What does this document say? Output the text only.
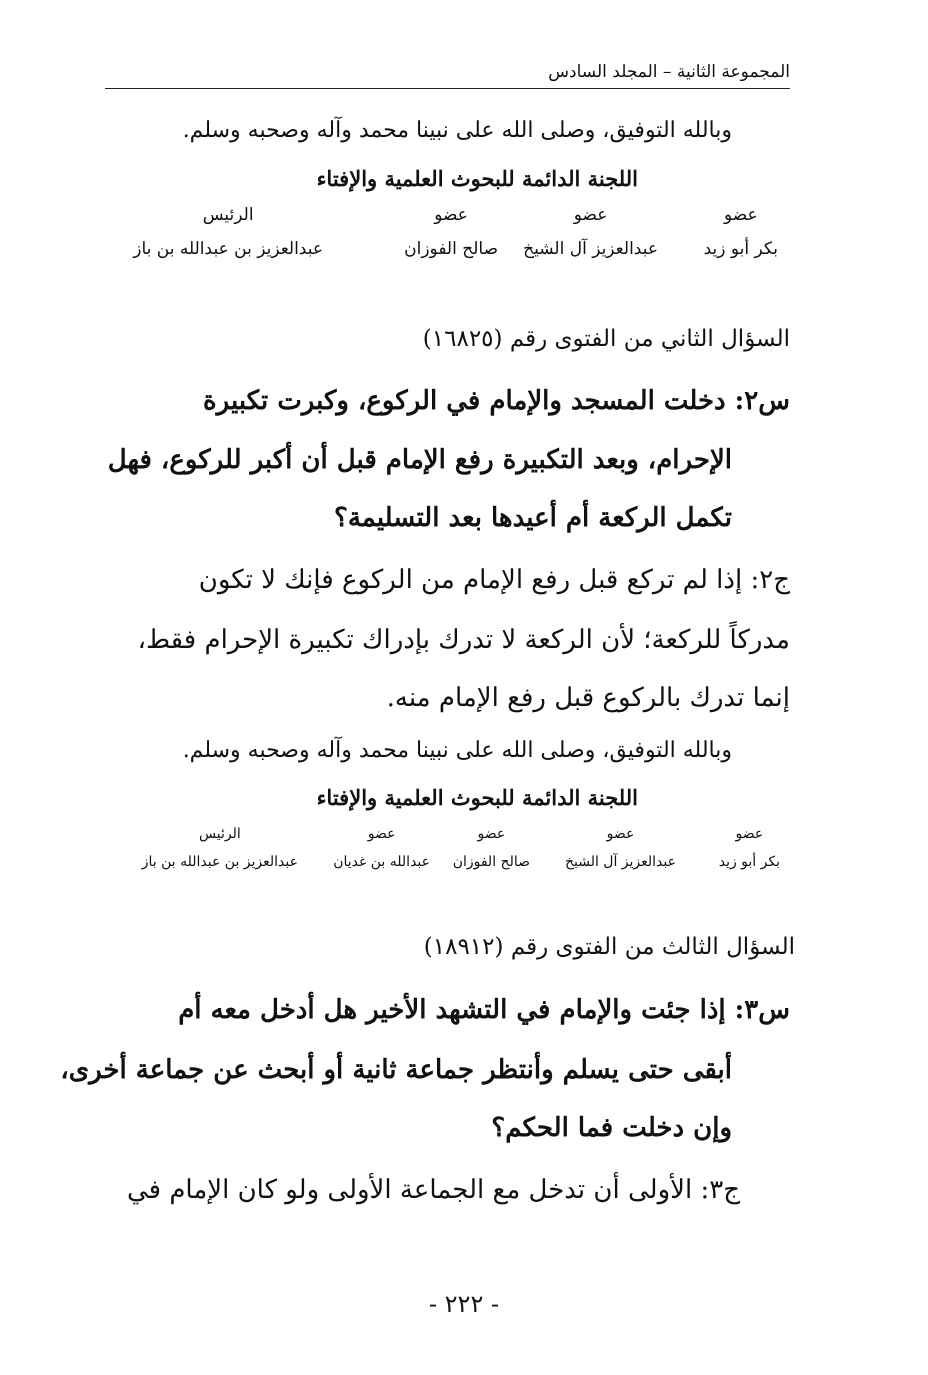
المجموعة الثانية – المجلد السادس
وبالله التوفيق، وصلى الله على نبينا محمد وآله وصحبه وسلم.
اللجنة الدائمة للبحوث العلمية والإفتاء
عضو
بكر أبو زيد
عضو
عبدالعزيز آل الشيخ
عضو
صالح الفوزان
الرئيس
عبدالعزيز بن عبدالله بن باز
السؤال الثاني من الفتوى رقم (١٦٨٢٥)
س٢: دخلت المسجد والإمام في الركوع، وكبرت تكبيرة
الإحرام، وبعد التكبيرة رفع الإمام قبل أن أكبر للركوع، فهل
تكمل الركعة أم أعيدها بعد التسليمة؟
ج٢: إذا لم تركع قبل رفع الإمام من الركوع فإنك لا تكون
مدركاً للركعة؛ لأن الركعة لا تدرك بإدراك تكبيرة الإحرام فقط،
إنما تدرك بالركوع قبل رفع الإمام منه.
وبالله التوفيق، وصلى الله على نبينا محمد وآله وصحبه وسلم.
اللجنة الدائمة للبحوث العلمية والإفتاء
عضو
بكر أبو زيد
عضو
عبدالعزيز آل الشيخ
عضو
صالح الفوزان
عضو
عبدالله بن غديان
الرئيس
عبدالعزيز بن عبدالله بن باز
السؤال الثالث من الفتوى رقم (١٨٩١٢)
س٣: إذا جئت والإمام في التشهد الأخير هل أدخل معه أم
أبقى حتى يسلم وأنتظر جماعة ثانية أو أبحث عن جماعة أخرى،
وإن دخلت فما الحكم؟
ج٣: الأولى أن تدخل مع الجماعة الأولى ولو كان الإمام في
- ٢٢٢ -
